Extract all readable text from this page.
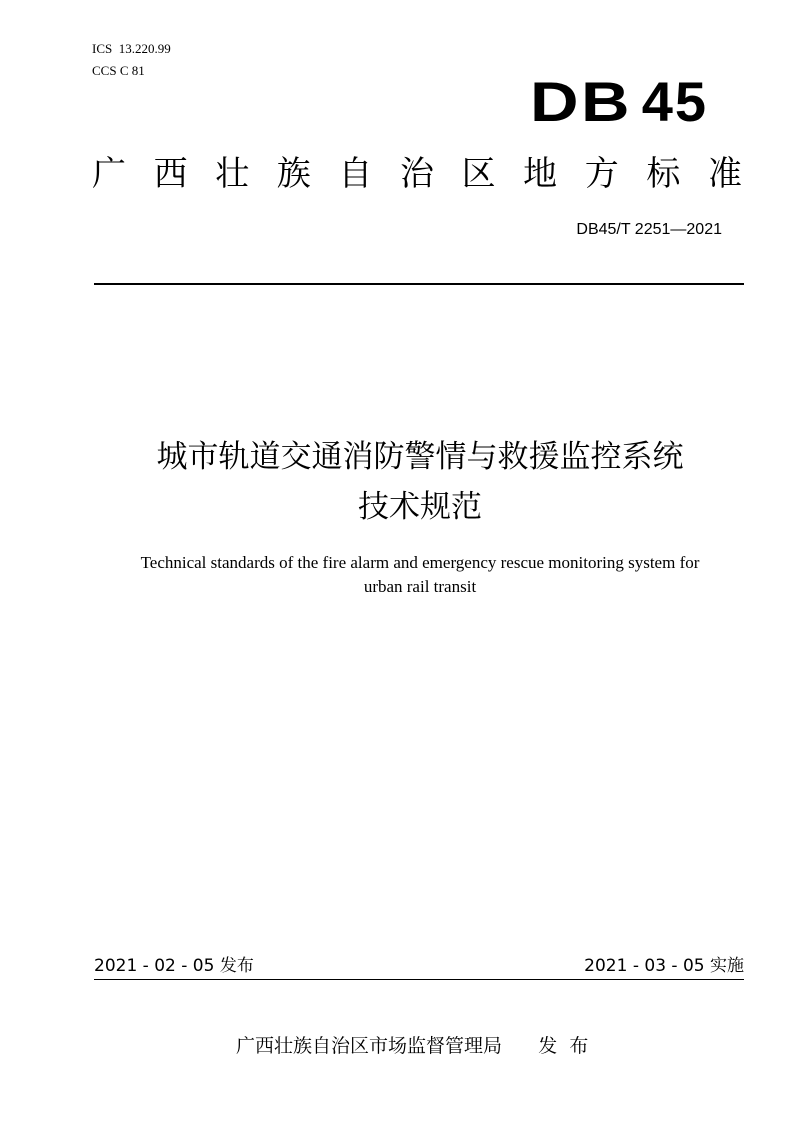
ICS  13.220.99
CCS C 81	DB 45
广 西 壮 族 自 治 区 地 方 标 准
DB45/T 2251—2021
城市轨道交通消防警情与救援监控系统
技术规范
Technical standards of the fire alarm and emergency rescue monitoring system for
urban rail transit
2021 - 02 - 05 发布	2021 - 03 - 05 实施
广西壮族自治区市场监督管理局 发  布
